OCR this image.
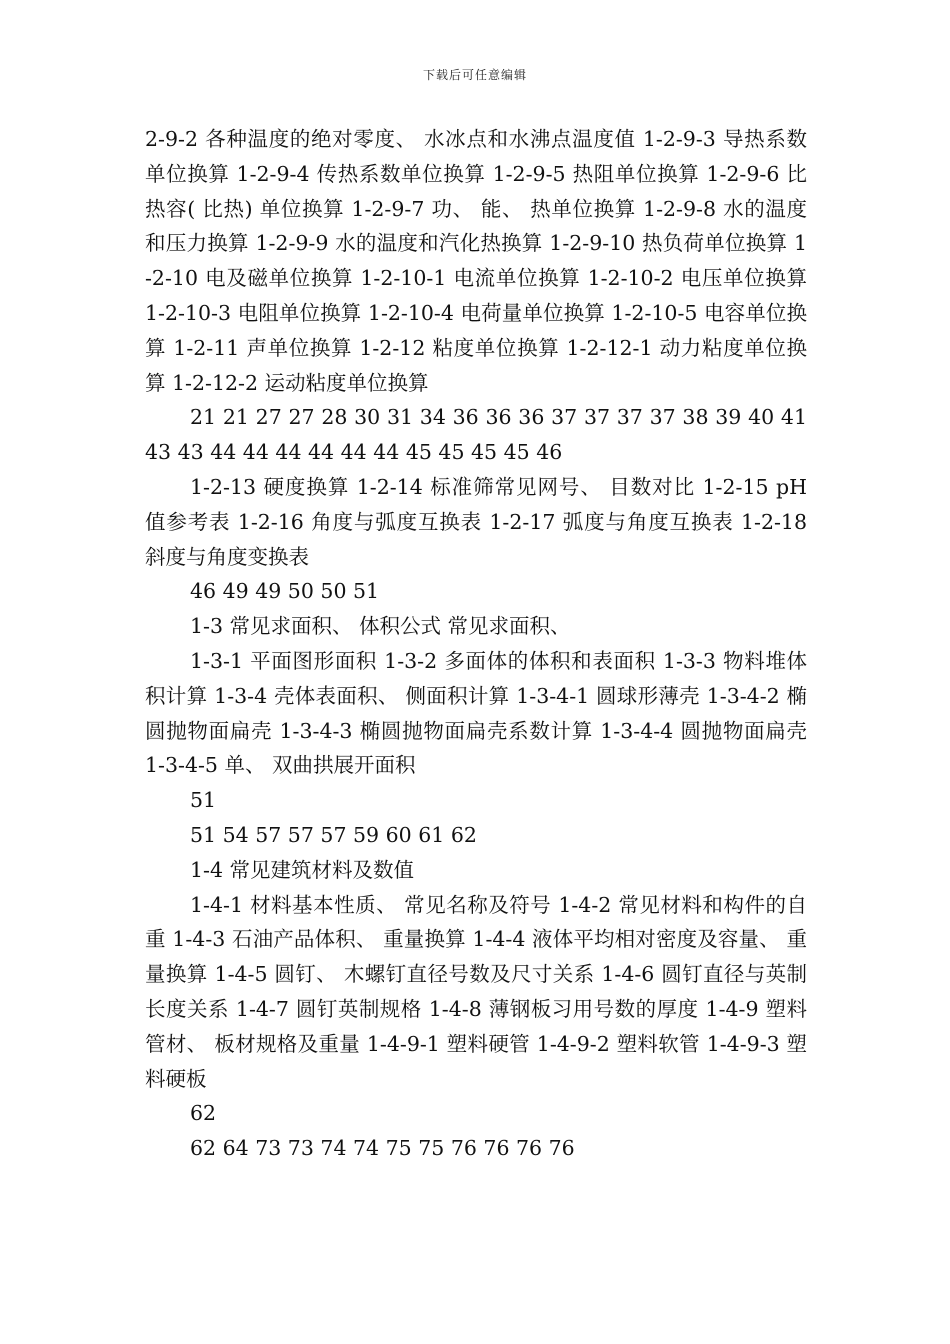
下载后可任意编辑

2-9-2 各种温度的绝对零度、 水冰点和水沸点温度值 1-2-9-3 导热系数单位换算 1-2-9-4 传热系数单位换算 1-2-9-5 热阻单位换算 1-2-9-6 比热容( 比热) 单位换算 1-2-9-7 功、 能、 热单位换算 1-2-9-8 水的温度和压力换算 1-2-9-9 水的温度和汽化热换算 1-2-9-10 热负荷单位换算 1-2-10 电及磁单位换算 1-2-10-1 电流单位换算 1-2-10-2 电压单位换算 1-2-10-3 电阻单位换算 1-2-10-4 电荷量单位换算 1-2-10-5 电容单位换算 1-2-11 声单位换算 1-2-12 粘度单位换算 1-2-12-1 动力粘度单位换算 1-2-12-2 运动粘度单位换算

21 21 27 27 28 30 31 34 36 36 36 37 37 37 37 38 39 40 41 43 43 44 44 44 44 44 44 45 45 45 45 46

1-2-13 硬度换算 1-2-14 标准筛常见网号、 目数对比 1-2-15 pH 值参考表 1-2-16 角度与弧度互换表 1-2-17 弧度与角度互换表 1-2-18 斜度与角度变换表

46 49 49 50 50 51

1-3 常见求面积、 体积公式 常见求面积、

1-3-1 平面图形面积 1-3-2 多面体的体积和表面积 1-3-3 物料堆体积计算 1-3-4 壳体表面积、 侧面积计算 1-3-4-1 圆球形薄壳 1-3-4-2 椭圆抛物面扁壳 1-3-4-3 椭圆抛物面扁壳系数计算 1-3-4-4 圆抛物面扁壳 1-3-4-5 单、 双曲拱展开面积

51

51 54 57 57 57 59 60 61 62

1-4 常见建筑材料及数值

1-4-1 材料基本性质、 常见名称及符号 1-4-2 常见材料和构件的自重 1-4-3 石油产品体积、 重量换算 1-4-4 液体平均相对密度及容量、 重量换算 1-4-5 圆钉、 木螺钉直径号数及尺寸关系 1-4-6 圆钉直径与英制长度关系 1-4-7 圆钉英制规格 1-4-8 薄钢板习用号数的厚度 1-4-9 塑料管材、 板材规格及重量 1-4-9-1 塑料硬管 1-4-9-2 塑料软管 1-4-9-3 塑料硬板

62

62 64 73 73 74 74 75 75 76 76 76 76
